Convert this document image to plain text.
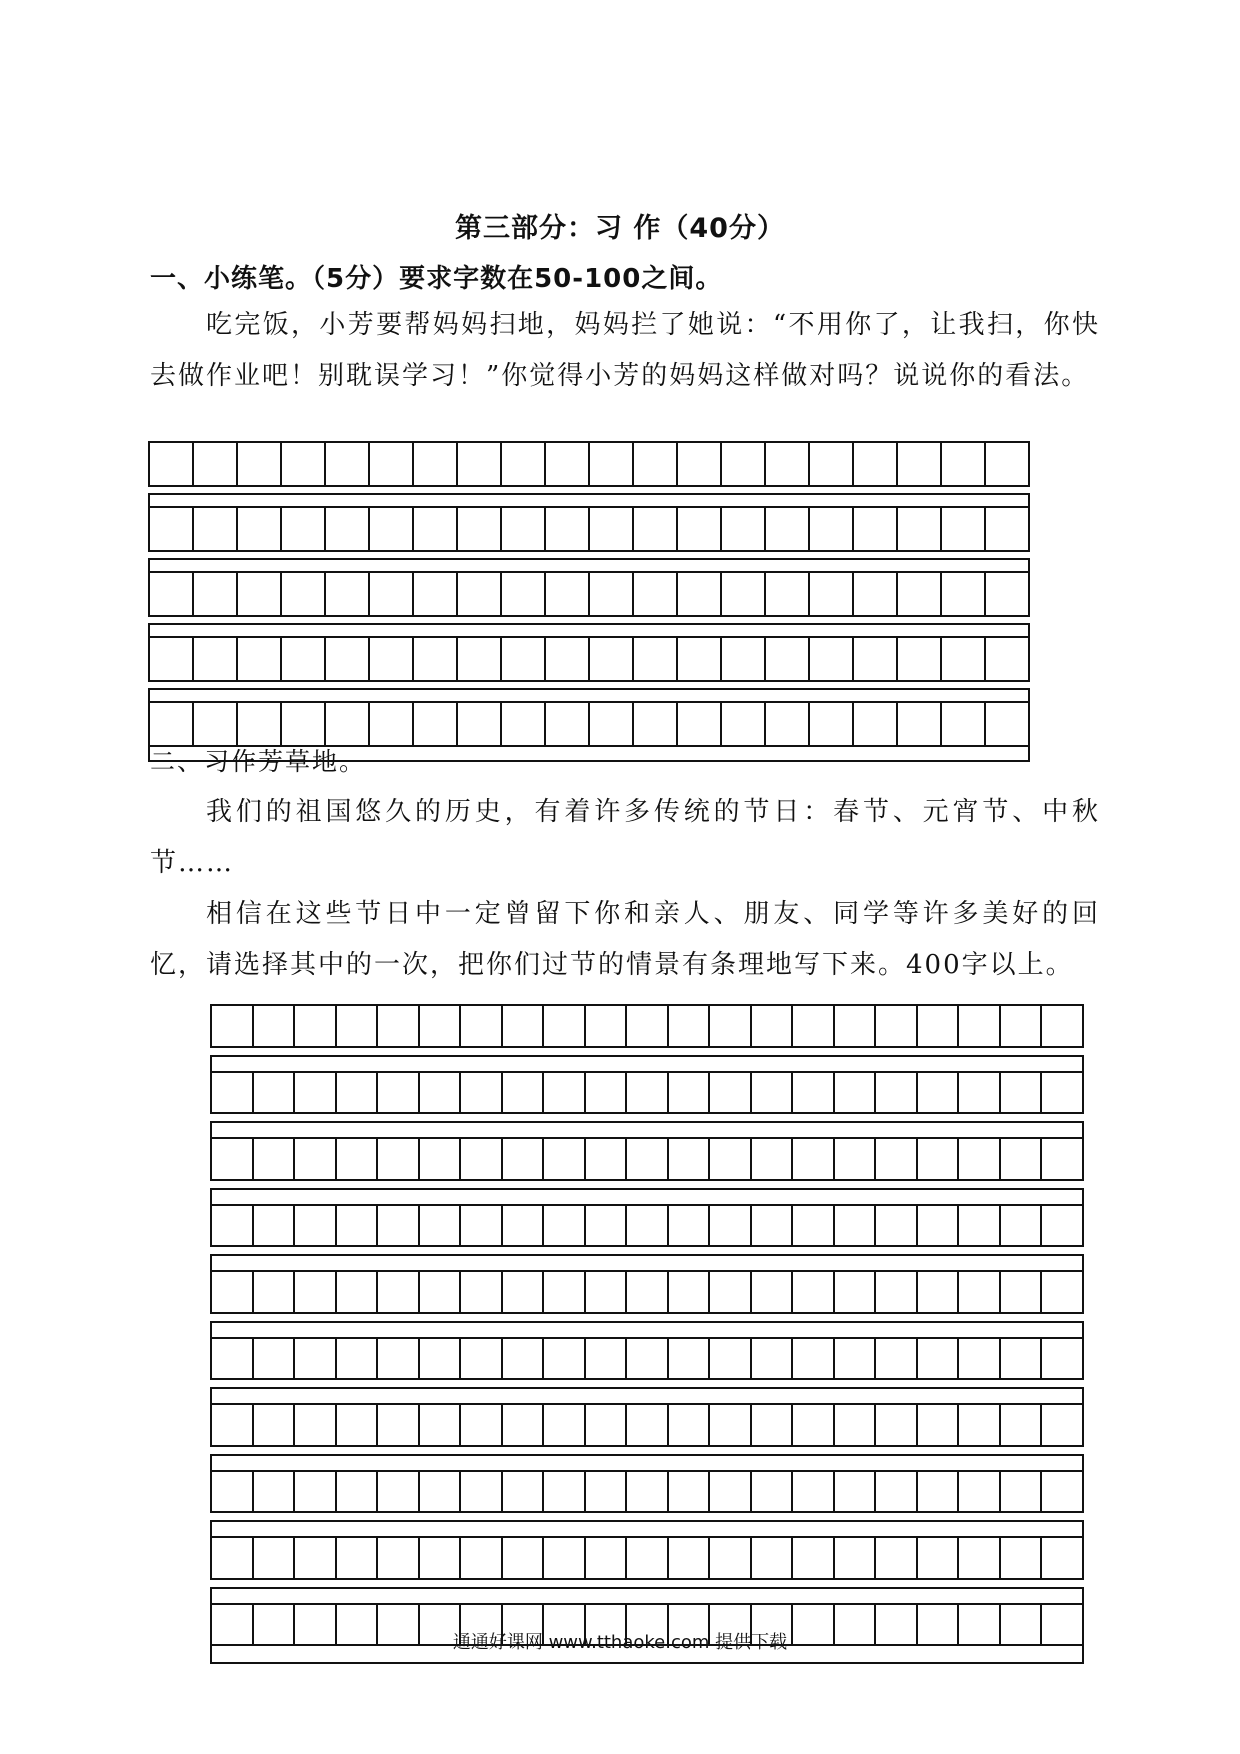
第三部分：习 作（40分）
一、小练笔。（5分）要求字数在50-100之间。

吃完饭，小芳要帮妈妈扫地，妈妈拦了她说：“不用你了，让我扫，你快去做作业吧！别耽误学习！”你觉得小芳的妈妈这样做对吗？说说你的看法。

二、习作芳草地。

我们的祖国悠久的历史，有着许多传统的节日：春节、元宵节、中秋节……

相信在这些节日中一定曾留下你和亲人、朋友、同学等许多美好的回忆，请选择其中的一次，把你们过节的情景有条理地写下来。400字以上。

通通好课网 www.tthaoke.com 提供下载
